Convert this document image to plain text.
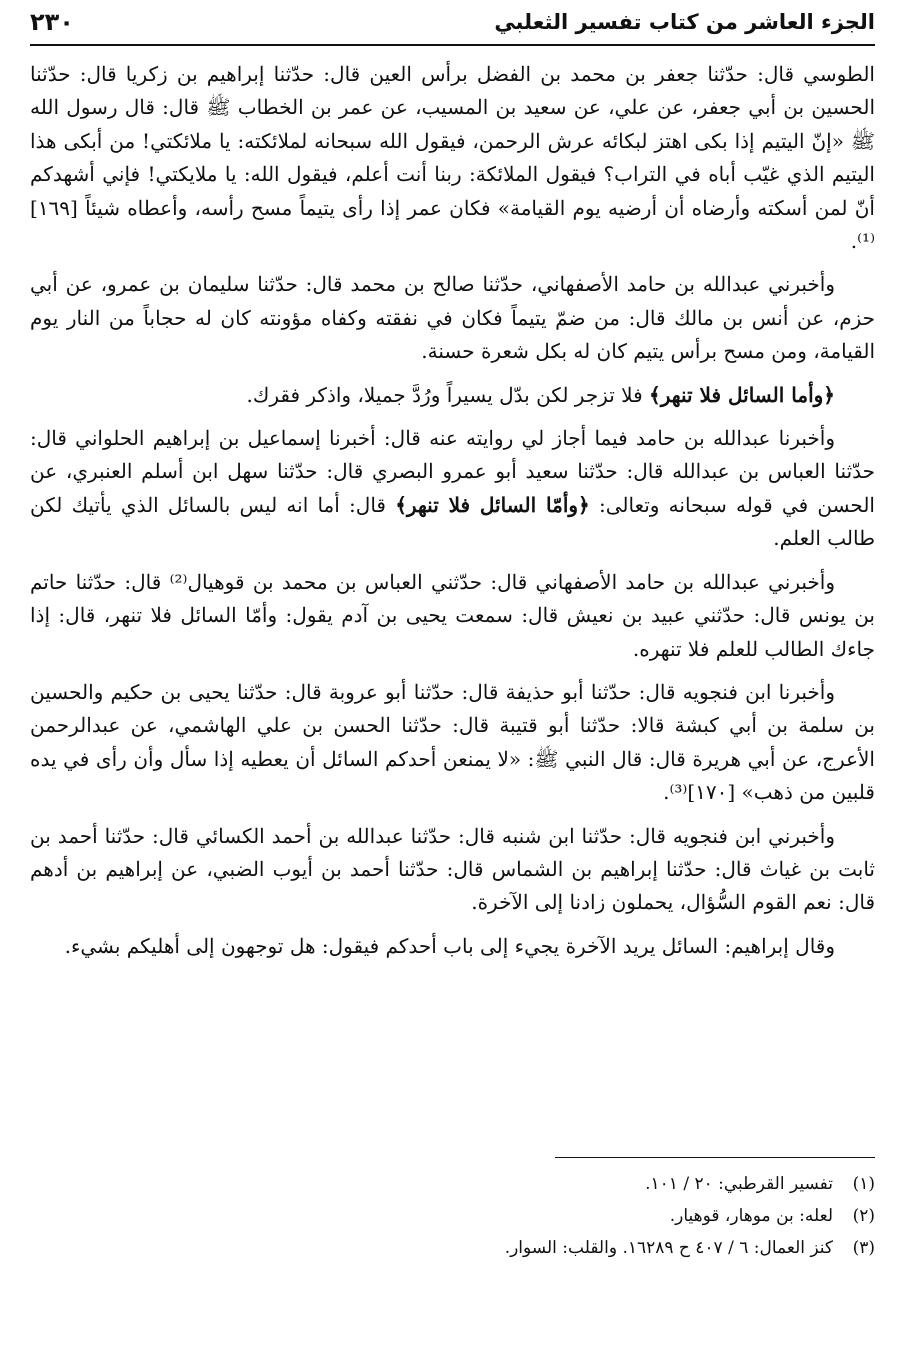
الجزء العاشر من كتاب تفسير الثعلبي
٢٣٠

الطوسي قال: حدّثنا جعفر بن محمد بن الفضل برأس العين قال: حدّثنا إبراهيم بن زكريا قال: حدّثنا الحسين بن أبي جعفر، عن علي، عن سعيد بن المسيب، عن عمر بن الخطاب ﷺ قال: قال رسول الله ﷺ «إنّ اليتيم إذا بكى اهتز لبكائه عرش الرحمن، فيقول الله سبحانه لملائكته: يا ملائكتي! من أبكى هذا اليتيم الذي غيّب أباه في التراب؟ فيقول الملائكة: ربنا أنت أعلم، فيقول الله: يا ملايكتي! فإني أشهدكم أنّ لمن أسكته وأرضاه أن أرضيه يوم القيامة» فكان عمر إذا رأى يتيماً مسح رأسه، وأعطاه شيئاً [١٦٩]⁽¹⁾.

وأخبرني عبدالله بن حامد الأصفهاني، حدّثنا صالح بن محمد قال: حدّثنا سليمان بن عمرو، عن أبي حزم، عن أنس بن مالك قال: من ضمّ يتيماً فكان في نفقته وكفاه مؤونته كان له حجاباً من النار يوم القيامة، ومن مسح برأس يتيم كان له بكل شعرة حسنة.

﴿وأما السائل فلا تنهر﴾ فلا تزجر لكن بدّل يسيراً ورُدَّ جميلا، واذكر فقرك.

وأخبرنا عبدالله بن حامد فيما أجاز لي روايته عنه قال: أخبرنا إسماعيل بن إبراهيم الحلواني قال: حدّثنا العباس بن عبدالله قال: حدّثنا سعيد أبو عمرو البصري قال: حدّثنا سهل ابن أسلم العنبري، عن الحسن في قوله سبحانه وتعالى: ﴿وأمّا السائل فلا تنهر﴾ قال: أما انه ليس بالسائل الذي يأتيك لكن طالب العلم.

وأخبرني عبدالله بن حامد الأصفهاني قال: حدّثني العباس بن محمد بن قوهيال⁽²⁾ قال: حدّثنا حاتم بن يونس قال: حدّثني عبيد بن نعيش قال: سمعت يحيى بن آدم يقول: وأمّا السائل فلا تنهر، قال: إذا جاءك الطالب للعلم فلا تنهره.

وأخبرنا ابن فنجويه قال: حدّثنا أبو حذيفة قال: حدّثنا أبو عروبة قال: حدّثنا يحيى بن حكيم والحسين بن سلمة بن أبي كبشة قالا: حدّثنا أبو قتيبة قال: حدّثنا الحسن بن علي الهاشمي، عن عبدالرحمن الأعرج، عن أبي هريرة قال: قال النبي ﷺ: «لا يمنعن أحدكم السائل أن يعطيه إذا سأل وأن رأى في يده قلبين من ذهب» [١٧٠]⁽³⁾.

وأخبرني ابن فنجويه قال: حدّثنا ابن شنبه قال: حدّثنا عبدالله بن أحمد الكسائي قال: حدّثنا أحمد بن ثابت بن غياث قال: حدّثنا إبراهيم بن الشماس قال: حدّثنا أحمد بن أيوب الضبي، عن إبراهيم بن أدهم قال: نعم القوم السُّؤال، يحملون زادنا إلى الآخرة.

وقال إبراهيم: السائل يريد الآخرة يجيء إلى باب أحدكم فيقول: هل توجهون إلى أهليكم بشيء.

(١)
تفسير القرطبي: ٢٠ / ١٠١.
(٢)
لعله: بن موهار، قوهيار.
(٣)
كنز العمال: ٦ / ٤٠٧ ح ١٦٢٨٩. والقلب: السوار.
